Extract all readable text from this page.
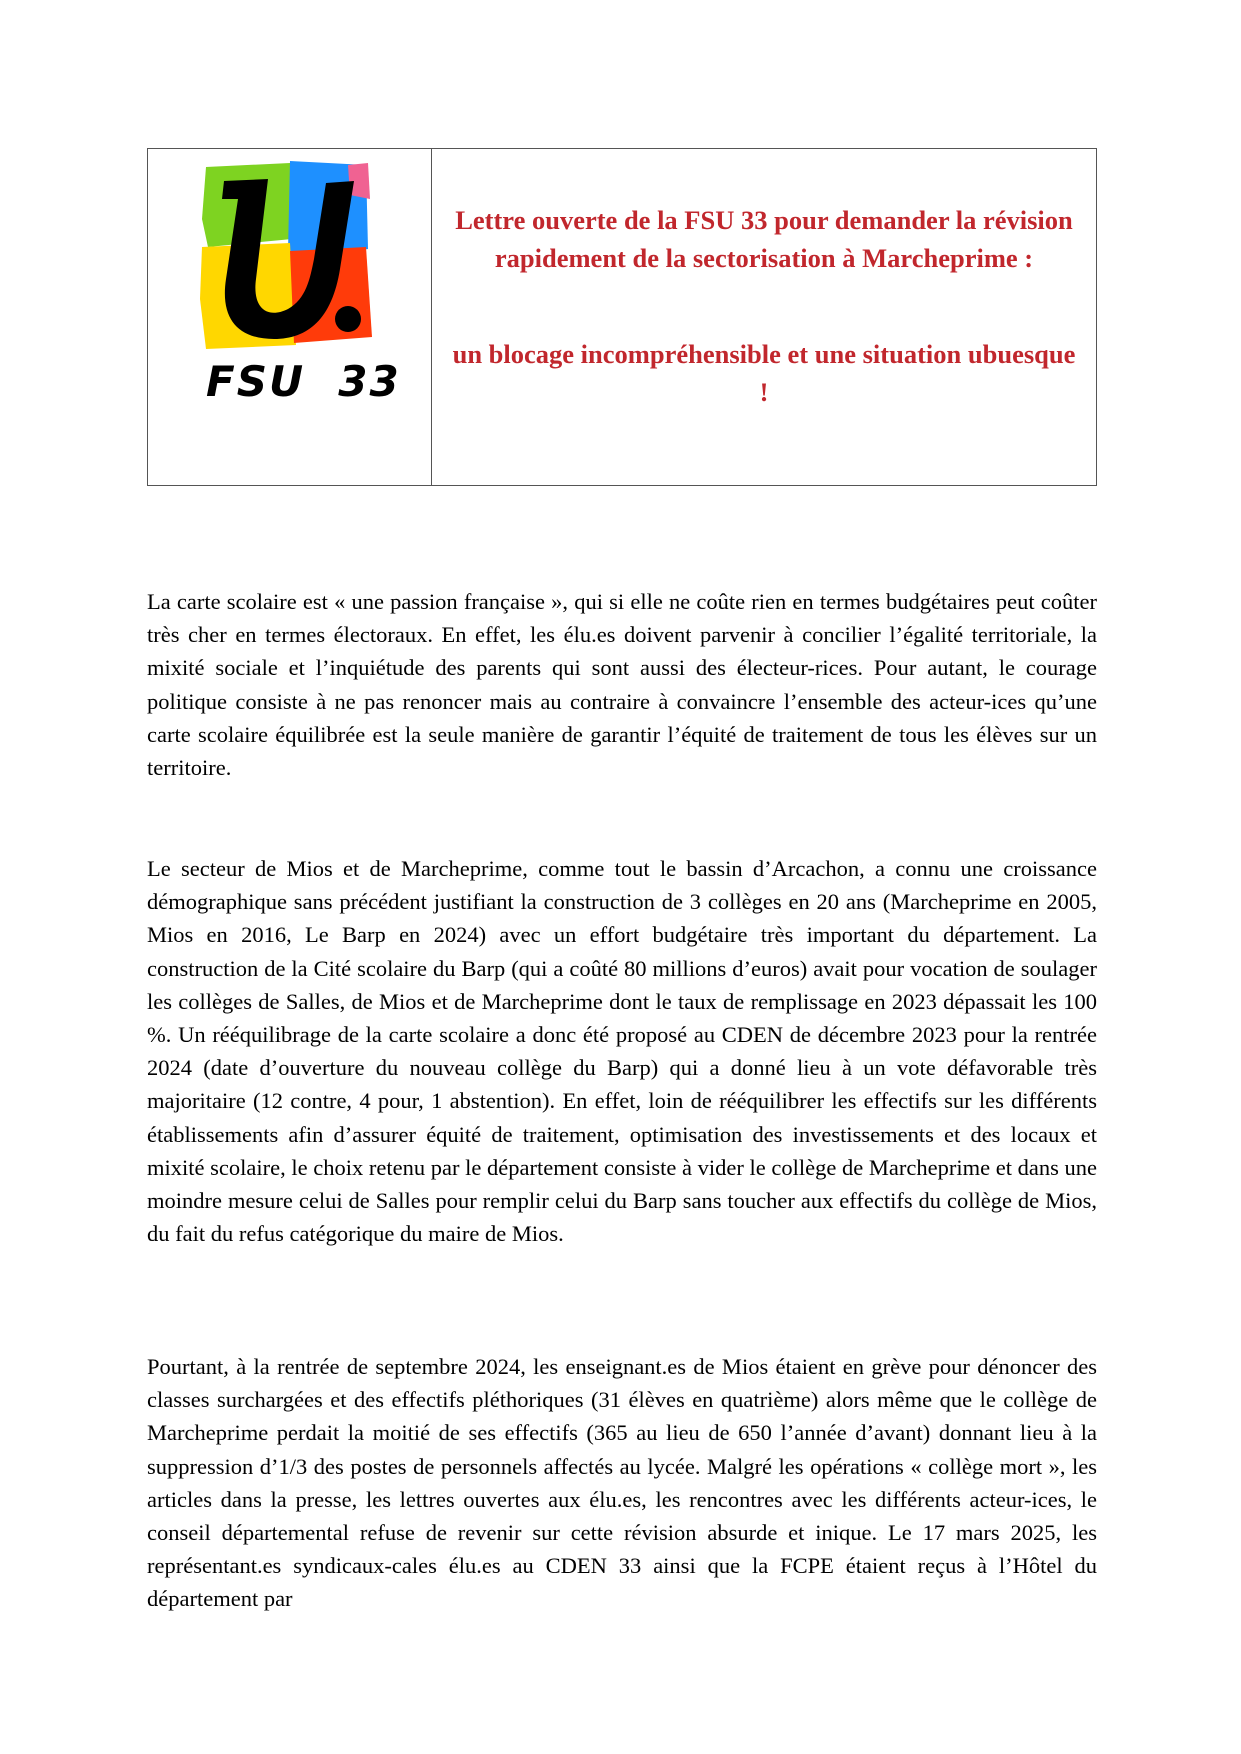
FSU  33

Lettre ouverte de la FSU 33 pour demander la révision rapidement de la sectorisation à Marcheprime :

un blocage incompréhensible et une situation ubuesque !

La carte scolaire est « une passion française », qui si elle ne coûte rien en termes budgétaires peut coûter très cher en termes électoraux. En effet, les élu.es doivent parvenir à concilier l’égalité territoriale, la mixité sociale et l’inquiétude des parents qui sont aussi des électeur-rices. Pour autant, le courage politique consiste à ne pas renoncer mais au contraire à convaincre l’ensemble des acteur-ices qu’une carte scolaire équilibrée est la seule manière de garantir l’équité de traitement de tous les élèves sur un territoire.

Le secteur de Mios et de Marcheprime, comme tout le bassin d’Arcachon, a connu une croissance démographique sans précédent justifiant la construction de 3 collèges en 20 ans (Marcheprime en 2005, Mios en 2016, Le Barp en 2024) avec un effort budgétaire très important du département. La construction de la Cité scolaire du Barp (qui a coûté 80 millions d’euros) avait pour vocation de soulager les collèges de Salles, de Mios et de Marcheprime dont le taux de remplissage en 2023 dépassait les 100 %. Un rééquilibrage de la carte scolaire a donc été proposé au CDEN de décembre 2023 pour la rentrée 2024 (date d’ouverture du nouveau collège du Barp) qui a donné lieu à un vote défavorable très majoritaire (12 contre, 4 pour, 1 abstention). En effet, loin de rééquilibrer les effectifs sur les différents établissements afin d’assurer équité de traitement, optimisation des investissements et des locaux et mixité scolaire, le choix retenu par le département consiste à vider le collège de Marcheprime et dans une moindre mesure celui de Salles pour remplir celui du Barp sans toucher aux effectifs du collège de Mios, du fait du refus catégorique du maire de Mios.

Pourtant, à la rentrée de septembre 2024, les enseignant.es de Mios étaient en grève pour dénoncer des classes surchargées et des effectifs pléthoriques (31 élèves en quatrième) alors même que le collège de Marcheprime perdait la moitié de ses effectifs (365 au lieu de 650 l’année d’avant) donnant lieu à la suppression d’1/3 des postes de personnels affectés au lycée. Malgré les opérations « collège mort », les articles dans la presse, les lettres ouvertes aux élu.es, les rencontres avec les différents acteur-ices, le conseil départemental refuse de revenir sur cette révision absurde et inique. Le 17 mars 2025, les représentant.es syndicaux-cales élu.es au CDEN 33 ainsi que la FCPE étaient reçus à l’Hôtel du département par
